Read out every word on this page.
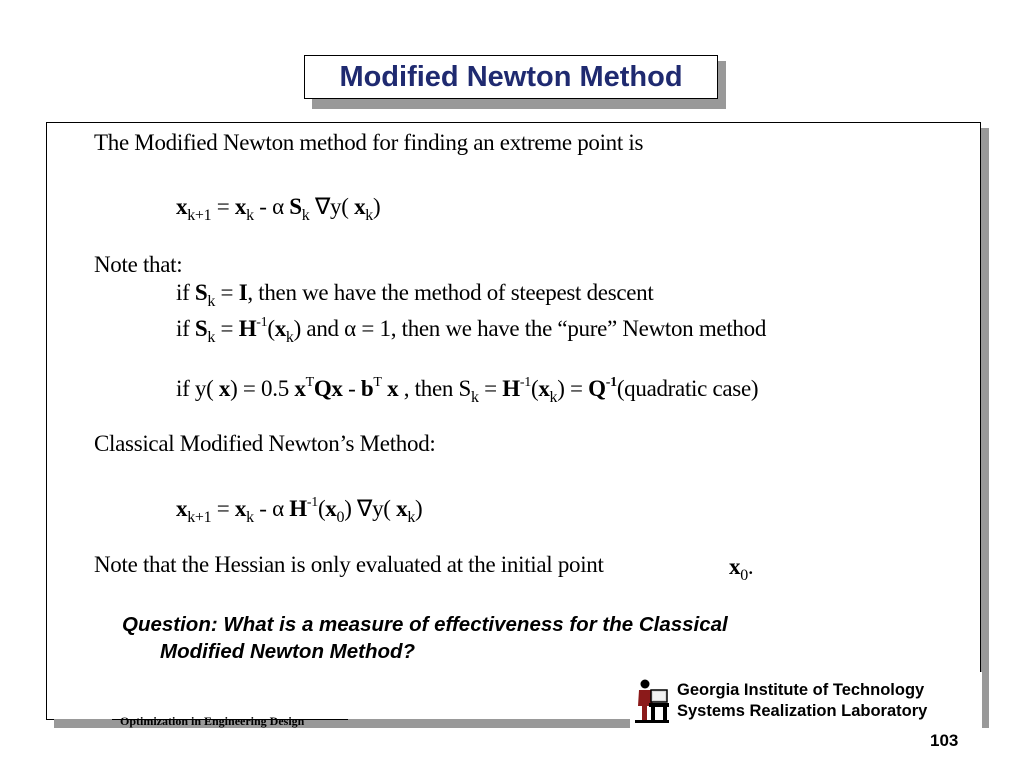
Modified Newton Method
The Modified Newton method for finding an extreme point is
$x_{k+1} = x_k - \alpha$ $S_k$ ∇y( $x_k$)
Note that:
if $S_k = I$, then we have the method of steepest descent
if $S_k = H^{-1}(x_k)$ and α = 1, then we have the “pure” Newton method
if y( x) = 0.5 $x^TQx - b^T$ x , then $S_k = H^{-1}(x_k)$ = $Q^{-1}(quadratic$ case)
Classical Modified Newton’s Method:
$x_{k+1} = x_k - \alpha$ $H^{-1}(x_0)$ ∇y( $x_k$)
Note that the Hessian is only evaluated at the initial point	$x_0$.
Question: What is a measure of effectiveness for the Classical
Modified Newton Method?
Optimization in Engineering Design
Georgia Institute of Technology
Systems Realization Laboratory
103
